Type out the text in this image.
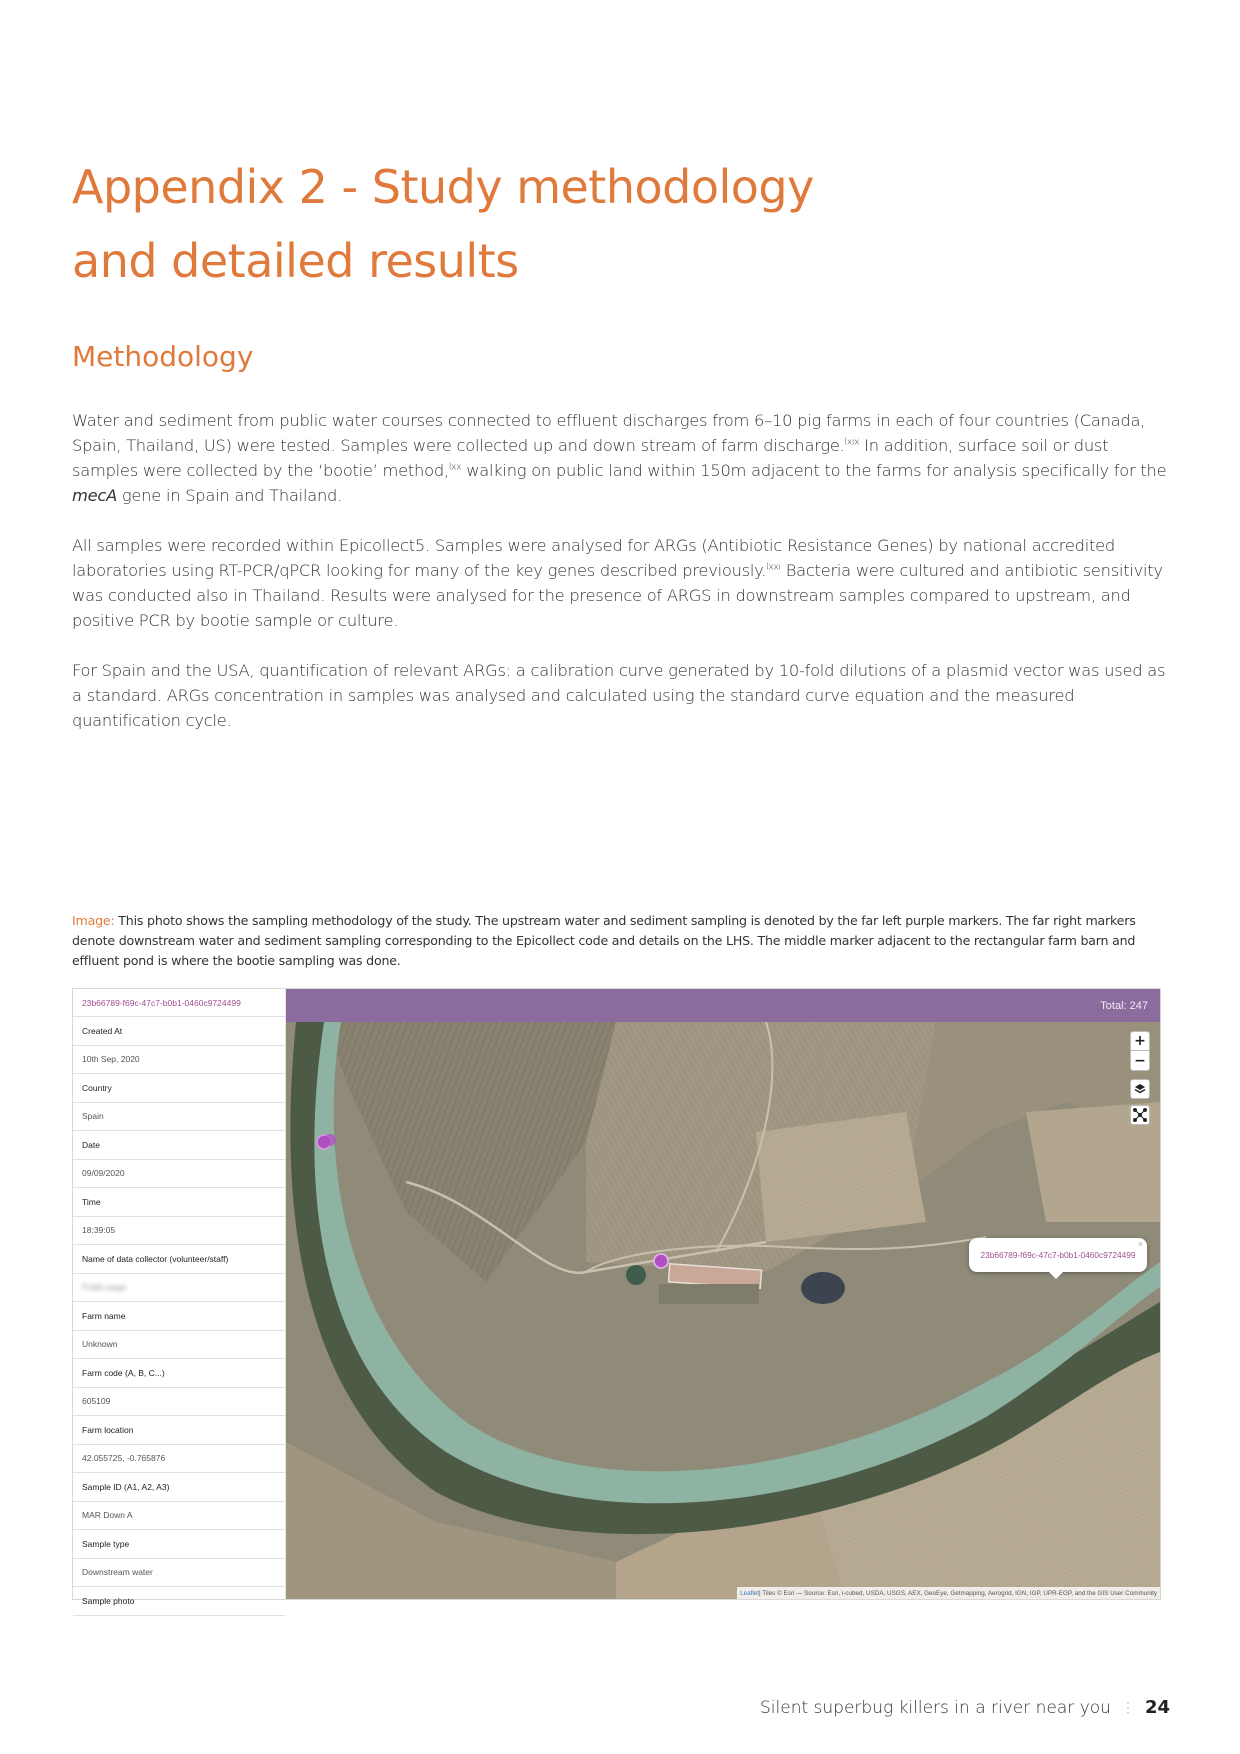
Appendix 2 - Study methodology
and detailed results
Methodology

Water and sediment from public water courses connected to effluent discharges from 6–10 pig farms in each of four countries (Canada, Spain, Thailand, US) were tested. Samples were collected up and down stream of farm discharge.$^{lxix}$ In addition, surface soil or dust samples were collected by the ‘bootie’ method,$^{lxx}$ walking on public land within 150m adjacent to the farms for analysis specifically for the mecA gene in Spain and Thailand.

All samples were recorded within Epicollect5. Samples were analysed for ARGs (Antibiotic Resistance Genes) by national accredited laboratories using RT-PCR/qPCR looking for many of the key genes described previously.$^{lxxi}$ Bacteria were cultured and antibiotic sensitivity was conducted also in Thailand. Results were analysed for the presence of ARGS in downstream samples compared to upstream, and positive PCR by bootie sample or culture.

For Spain and the USA, quantification of relevant ARGs: a calibration curve generated by 10-fold dilutions of a plasmid vector was used as a standard. ARGs concentration in samples was analysed and calculated using the standard curve equation and the measured quantification cycle.

Image: This photo shows the sampling methodology of the study. The upstream water and sediment sampling is denoted by the far left purple markers. The far right markers denote downstream water and sediment sampling corresponding to the Epicollect code and details on the LHS. The middle marker adjacent to the rectangular farm barn and effluent pond is where the bootie sampling was done.

23b66789-f69c-47c7-b0b1-0460c9724499
Created At
10th Sep, 2020
Country
Spain
Date
09/09/2020
Time
18:39:05
Name of data collector (volunteer/staff)
Public page
Farm name
Unknown
Farm code (A, B, C...)
605109
Farm location
42.055725, -0.765876
Sample ID (A1, A2, A3)
MAR Down A
Sample type
Downstream water
Sample photo
Total: 247
+
−
23b66789-f69c-47c7-b0b1-0460c9724499
×
Leaflet | Tiles © Esri — Source: Esri, i-cubed, USDA, USGS, AEX, GeoEye, Getmapping, Aerogrid, IGN, IGP, UPR-EGP, and the GIS User Community
Silent superbug killers in a river near you ⋮ 24
